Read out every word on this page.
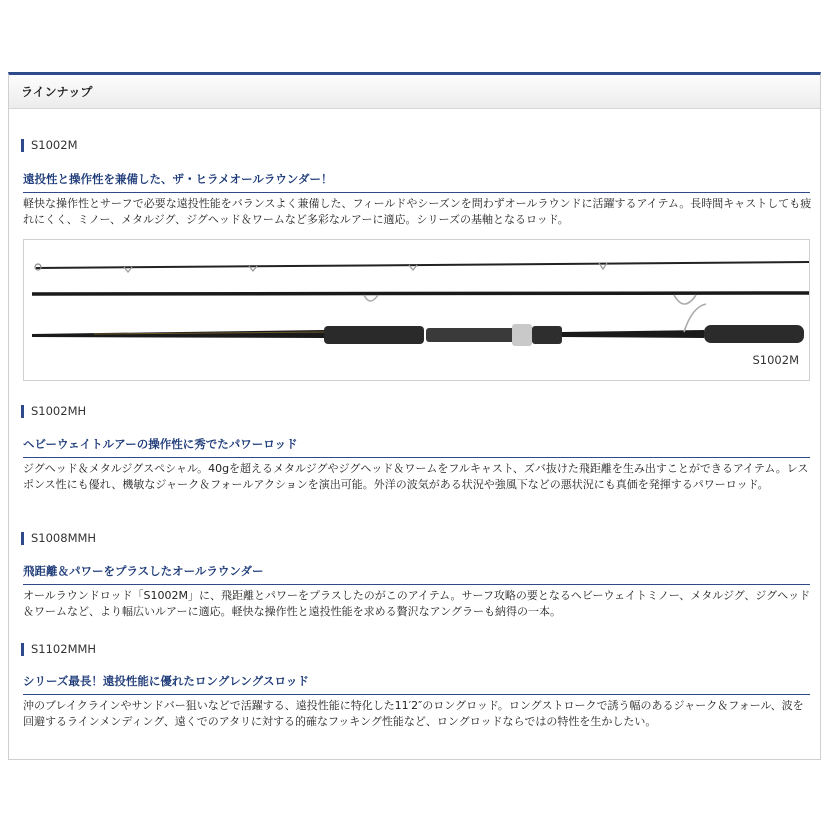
ラインナップ
S1002M
遠投性と操作性を兼備した、ザ・ヒラメオールラウンダー！
軽快な操作性とサーフで必要な遠投性能をバランスよく兼備した、フィールドやシーズンを問わずオールラウンドに活躍するアイテム。長時間キャストしても疲れにくく、ミノー、メタルジグ、ジグヘッド＆ワームなど多彩なルアーに適応。シリーズの基軸となるロッド。
S1002M
S1002MH
ヘビーウェイトルアーの操作性に秀でたパワーロッド
ジグヘッド＆メタルジグスペシャル。40gを超えるメタルジグやジグヘッド＆ワームをフルキャスト、ズバ抜けた飛距離を生み出すことができるアイテム。レスポンス性にも優れ、機敏なジャーク＆フォールアクションを演出可能。外洋の波気がある状況や強風下などの悪状況にも真価を発揮するパワーロッド。
S1008MMH
飛距離＆パワーをプラスしたオールラウンダー
オールラウンドロッド「S1002M」に、飛距離とパワーをプラスしたのがこのアイテム。サーフ攻略の要となるヘビーウェイトミノー、メタルジグ、ジグヘッド＆ワームなど、より幅広いルアーに適応。軽快な操作性と遠投性能を求める贅沢なアングラーも納得の一本。
S1102MMH
シリーズ最長！遠投性能に優れたロングレングスロッド
沖のブレイクラインやサンドバー狙いなどで活躍する、遠投性能に特化した11′2″のロングロッド。ロングストロークで誘う幅のあるジャーク＆フォール、波を回避するラインメンディング、遠くでのアタリに対する的確なフッキング性能など、ロングロッドならではの特性を生かしたい。
